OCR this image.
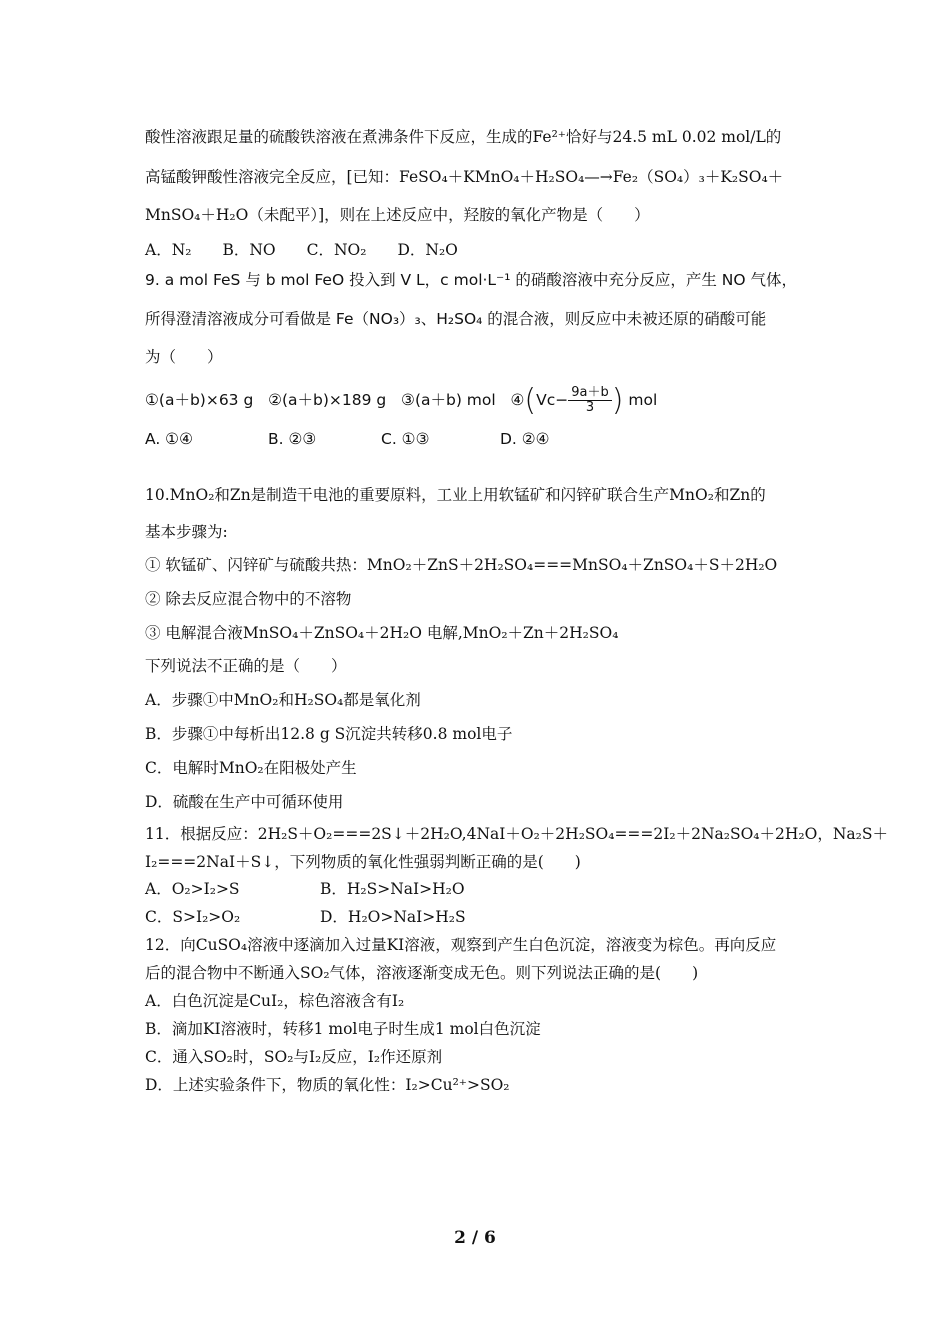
酸性溶液跟足量的硫酸铁溶液在煮沸条件下反应，生成的Fe²⁺恰好与24.5 mL 0.02 mol/L的
高锰酸钾酸性溶液完全反应，[已知：FeSO₄＋KMnO₄＋H₂SO₄—→Fe₂（SO₄）₃＋K₂SO₄＋
MnSO₄＋H₂O（未配平）]，则在上述反应中，羟胺的氧化产物是（　　）
A．N₂　　B．NO　　C．NO₂　　D．N₂O
9. a mol FeS 与 b mol FeO 投入到 V L，c mol·L⁻¹ 的硝酸溶液中充分反应，产生 NO 气体，
所得澄清溶液成分可看做是 Fe（NO₃）₃、H₂SO₄ 的混合液，则反应中未被还原的硝酸可能
为（　　）
10.MnO₂和Zn是制造干电池的重要原料，工业上用软锰矿和闪锌矿联合生产MnO₂和Zn的
基本步骤为:
① 软锰矿、闪锌矿与硫酸共热：MnO₂＋ZnS＋2H₂SO₄===MnSO₄＋ZnSO₄＋S＋2H₂O
② 除去反应混合物中的不溶物
③ 电解混合液MnSO₄＋ZnSO₄＋2H₂O 电解,MnO₂＋Zn＋2H₂SO₄
下列说法不正确的是（　　）
A．步骤①中MnO₂和H₂SO₄都是氧化剂
B．步骤①中每析出12.8 g S沉淀共转移0.8 mol电子
C．电解时MnO₂在阳极处产生
D．硫酸在生产中可循环使用
11．根据反应：2H₂S＋O₂===2S↓＋2H₂O,4NaI＋O₂＋2H₂SO₄===2I₂＋2Na₂SO₄＋2H₂O，Na₂S＋
I₂===2NaI＋S↓，下列物质的氧化性强弱判断正确的是(　　)
12．向CuSO₄溶液中逐滴加入过量KI溶液，观察到产生白色沉淀，溶液变为棕色。再向反应
后的混合物中不断通入SO₂气体，溶液逐渐变成无色。则下列说法正确的是(　　)
A．白色沉淀是CuI₂，棕色溶液含有I₂
B．滴加KI溶液时，转移1 mol电子时生成1 mol白色沉淀
C．通入SO₂时，SO₂与I₂反应，I₂作还原剂
D．上述实验条件下，物质的氧化性：I₂>Cu²⁺>SO₂
①(a＋b)×63 g ②(a＋b)×189 g ③(a＋b) mol ④(Vc− $\frac{9a+b}{3}$ ) mol
A. ①④	B. ②③	C. ①③	D. ②④
A．O₂>I₂>S	B．H₂S>NaI>H₂O
C．S>I₂>O₂	D．H₂O>NaI>H₂S
2 / 6
